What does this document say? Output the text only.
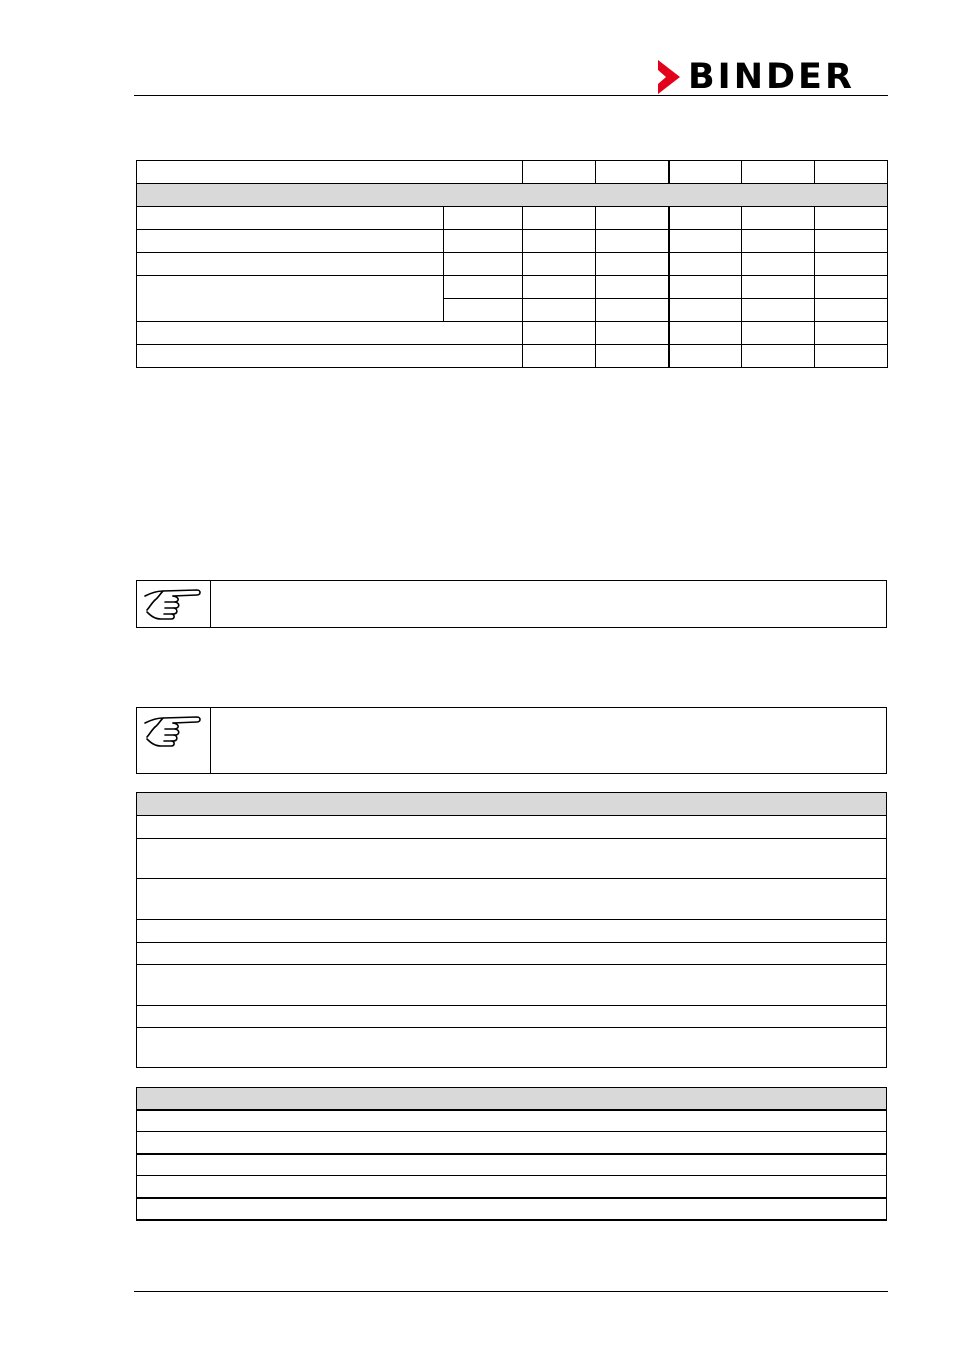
BINDER
